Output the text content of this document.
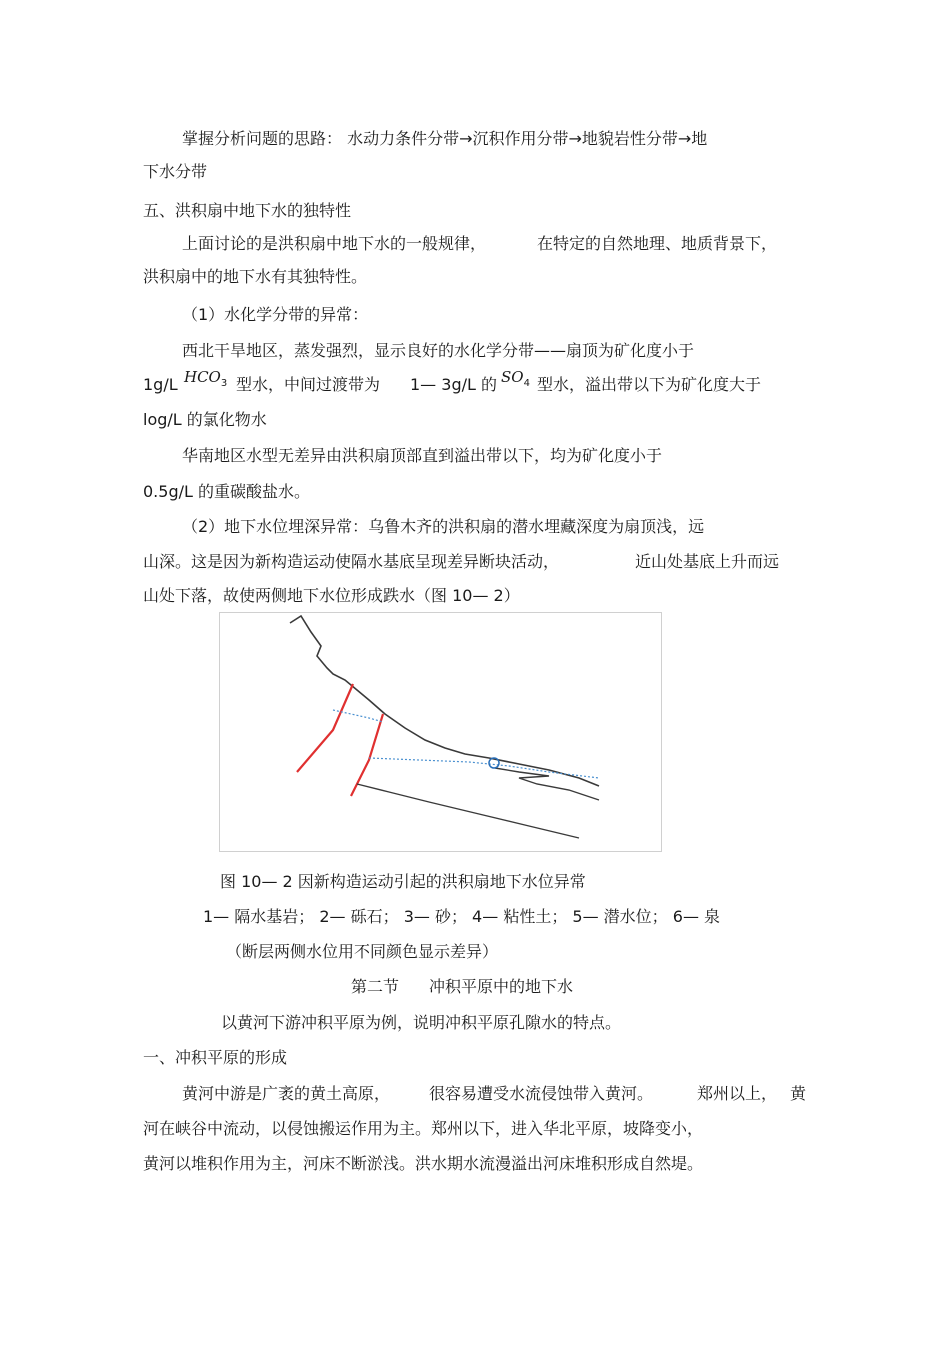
掌握分析问题的思路： 水动力条件分带→沉积作用分带→地貌岩性分带→地
下水分带
五、洪积扇中地下水的独特性
上面讨论的是洪积扇中地下水的一般规律，	在特定的自然地理、地质背景下，
洪积扇中的地下水有其独特性。
（1）水化学分带的异常：
西北干旱地区，蒸发强烈，显示良好的水化学分带——扇顶为矿化度小于
1g/L $HCO_3$ 型水，中间过渡带为 1— 3g/L 的 $SO_4$ 型水，溢出带以下为矿化度大于
log/L 的氯化物水
华南地区水型无差异由洪积扇顶部直到溢出带以下，均为矿化度小于
0.5g/L 的重碳酸盐水。
（2）地下水位埋深异常：乌鲁木齐的洪积扇的潜水埋藏深度为扇顶浅，远
山深。这是因为新构造运动使隔水基底呈现差异断块活动，	近山处基底上升而远
山处下落，故使两侧地下水位形成跌水（图 10— 2）
图 10— 2 因新构造运动引起的洪积扇地下水位异常
1— 隔水基岩； 2— 砾石； 3— 砂； 4— 粘性土； 5— 潜水位； 6— 泉
（断层两侧水位用不同颜色显示差异）
第二节 冲积平原中的地下水
以黄河下游冲积平原为例，说明冲积平原孔隙水的特点。
一、冲积平原的形成
黄河中游是广袤的黄土高原， 很容易遭受水流侵蚀带入黄河。	郑州以上， 黄
河在峡谷中流动，以侵蚀搬运作用为主。郑州以下，进入华北平原，坡降变小，
黄河以堆积作用为主，河床不断淤浅。洪水期水流漫溢出河床堆积形成自然堤。
